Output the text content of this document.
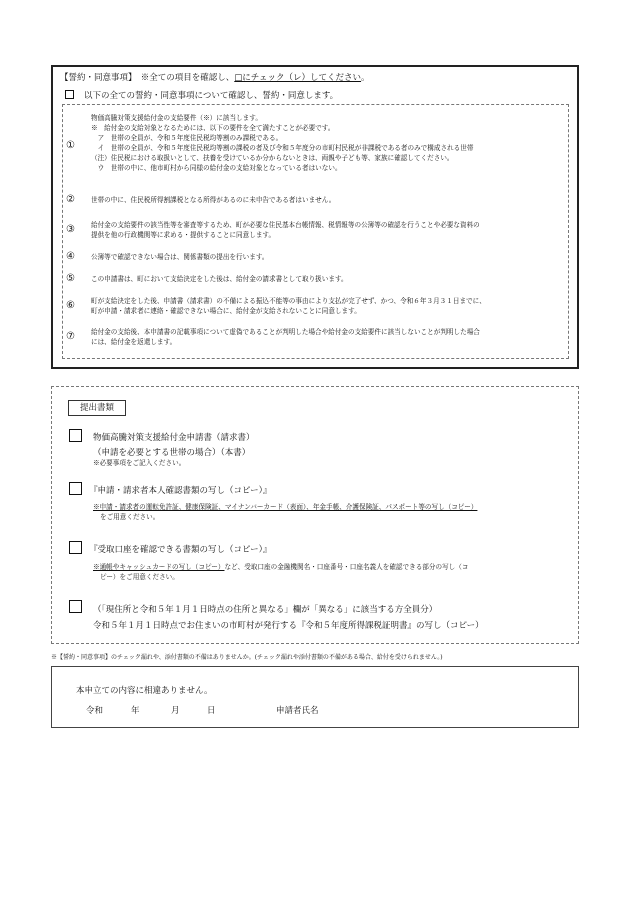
【誓約・同意事項】　※全ての項目を確認し、□にチェック（レ）してください。
以下の全ての誓約・同意事項について確認し、誓約・同意します。
①
物価高騰対策支援給付金の支給要件（※）に該当します。
※　給付金の支給対象となるためには、以下の要件を全て満たすことが必要です。
　ア　世帯の全員が、令和５年度住民税均等割のみ課税である。
　イ　世帯の全員が、令和５年度住民税均等割の課税の者及び令和５年度分の市町村民税が非課税である者のみで構成される世帯
（注）住民税における取扱いとして、扶養を受けているか分からないときは、両親や子ども等、家族に確認してください。
　ウ　世帯の中に、他市町村から同様の給付金の支給対象となっている者はいない。
② 世帯の中に、住民税所得割課税となる所得があるのに未申告である者はいません。
③ 給付金の支給要件の該当性等を審査等するため、町が必要な住民基本台帳情報、税情報等の公簿等の確認を行うことや必要な資料の
提供を他の行政機関等に求める・提供することに同意します。
④ 公簿等で確認できない場合は、関係書類の提出を行います。
⑤ この申請書は、町において支給決定をした後は、給付金の請求書として取り扱います。
⑥ 町が支給決定をした後、申請書（請求書）の不備による振込不能等の事由により支払が完了せず、かつ、令和６年３月３１日までに、
町が申請・請求者に連絡・確認できない場合に、給付金が支給されないことに同意します。
⑦ 給付金の支給後、本申請書の記載事項について虚偽であることが判明した場合や給付金の支給要件に該当しないことが判明した場合
には、給付金を返還します。
提出書類
物価高騰対策支援給付金申請書（請求書）
（申請を必要とする世帯の場合）（本書）
※必要事項をご記入ください。
『申請・請求者本人確認書類の写し（コピー）』
※申請・請求者の運転免許証、健康保険証、マイナンバーカード（表面）、年金手帳、介護保険証、パスポート等の写し（コピー）
をご用意ください。
『受取口座を確認できる書類の写し（コピー）』
※通帳やキャッシュカードの写し（コピー）など、受取口座の金融機関名・口座番号・口座名義人を確認できる部分の写し（コ
ピー）をご用意ください。
（「現住所と令和５年１月１日時点の住所と異なる」欄が「異なる」に該当する方全員分）
令和５年１月１日時点でお住まいの市町村が発行する『令和５年度所得課税証明書』の写し（コピー）
※【誓約・同意事項】のチェック漏れや、添付書類の不備はありませんか。(チェック漏れや添付書類の不備がある場合、給付を受けられません。)
本申立ての内容に相違ありません。
令和	年	月	日	申請者氏名
